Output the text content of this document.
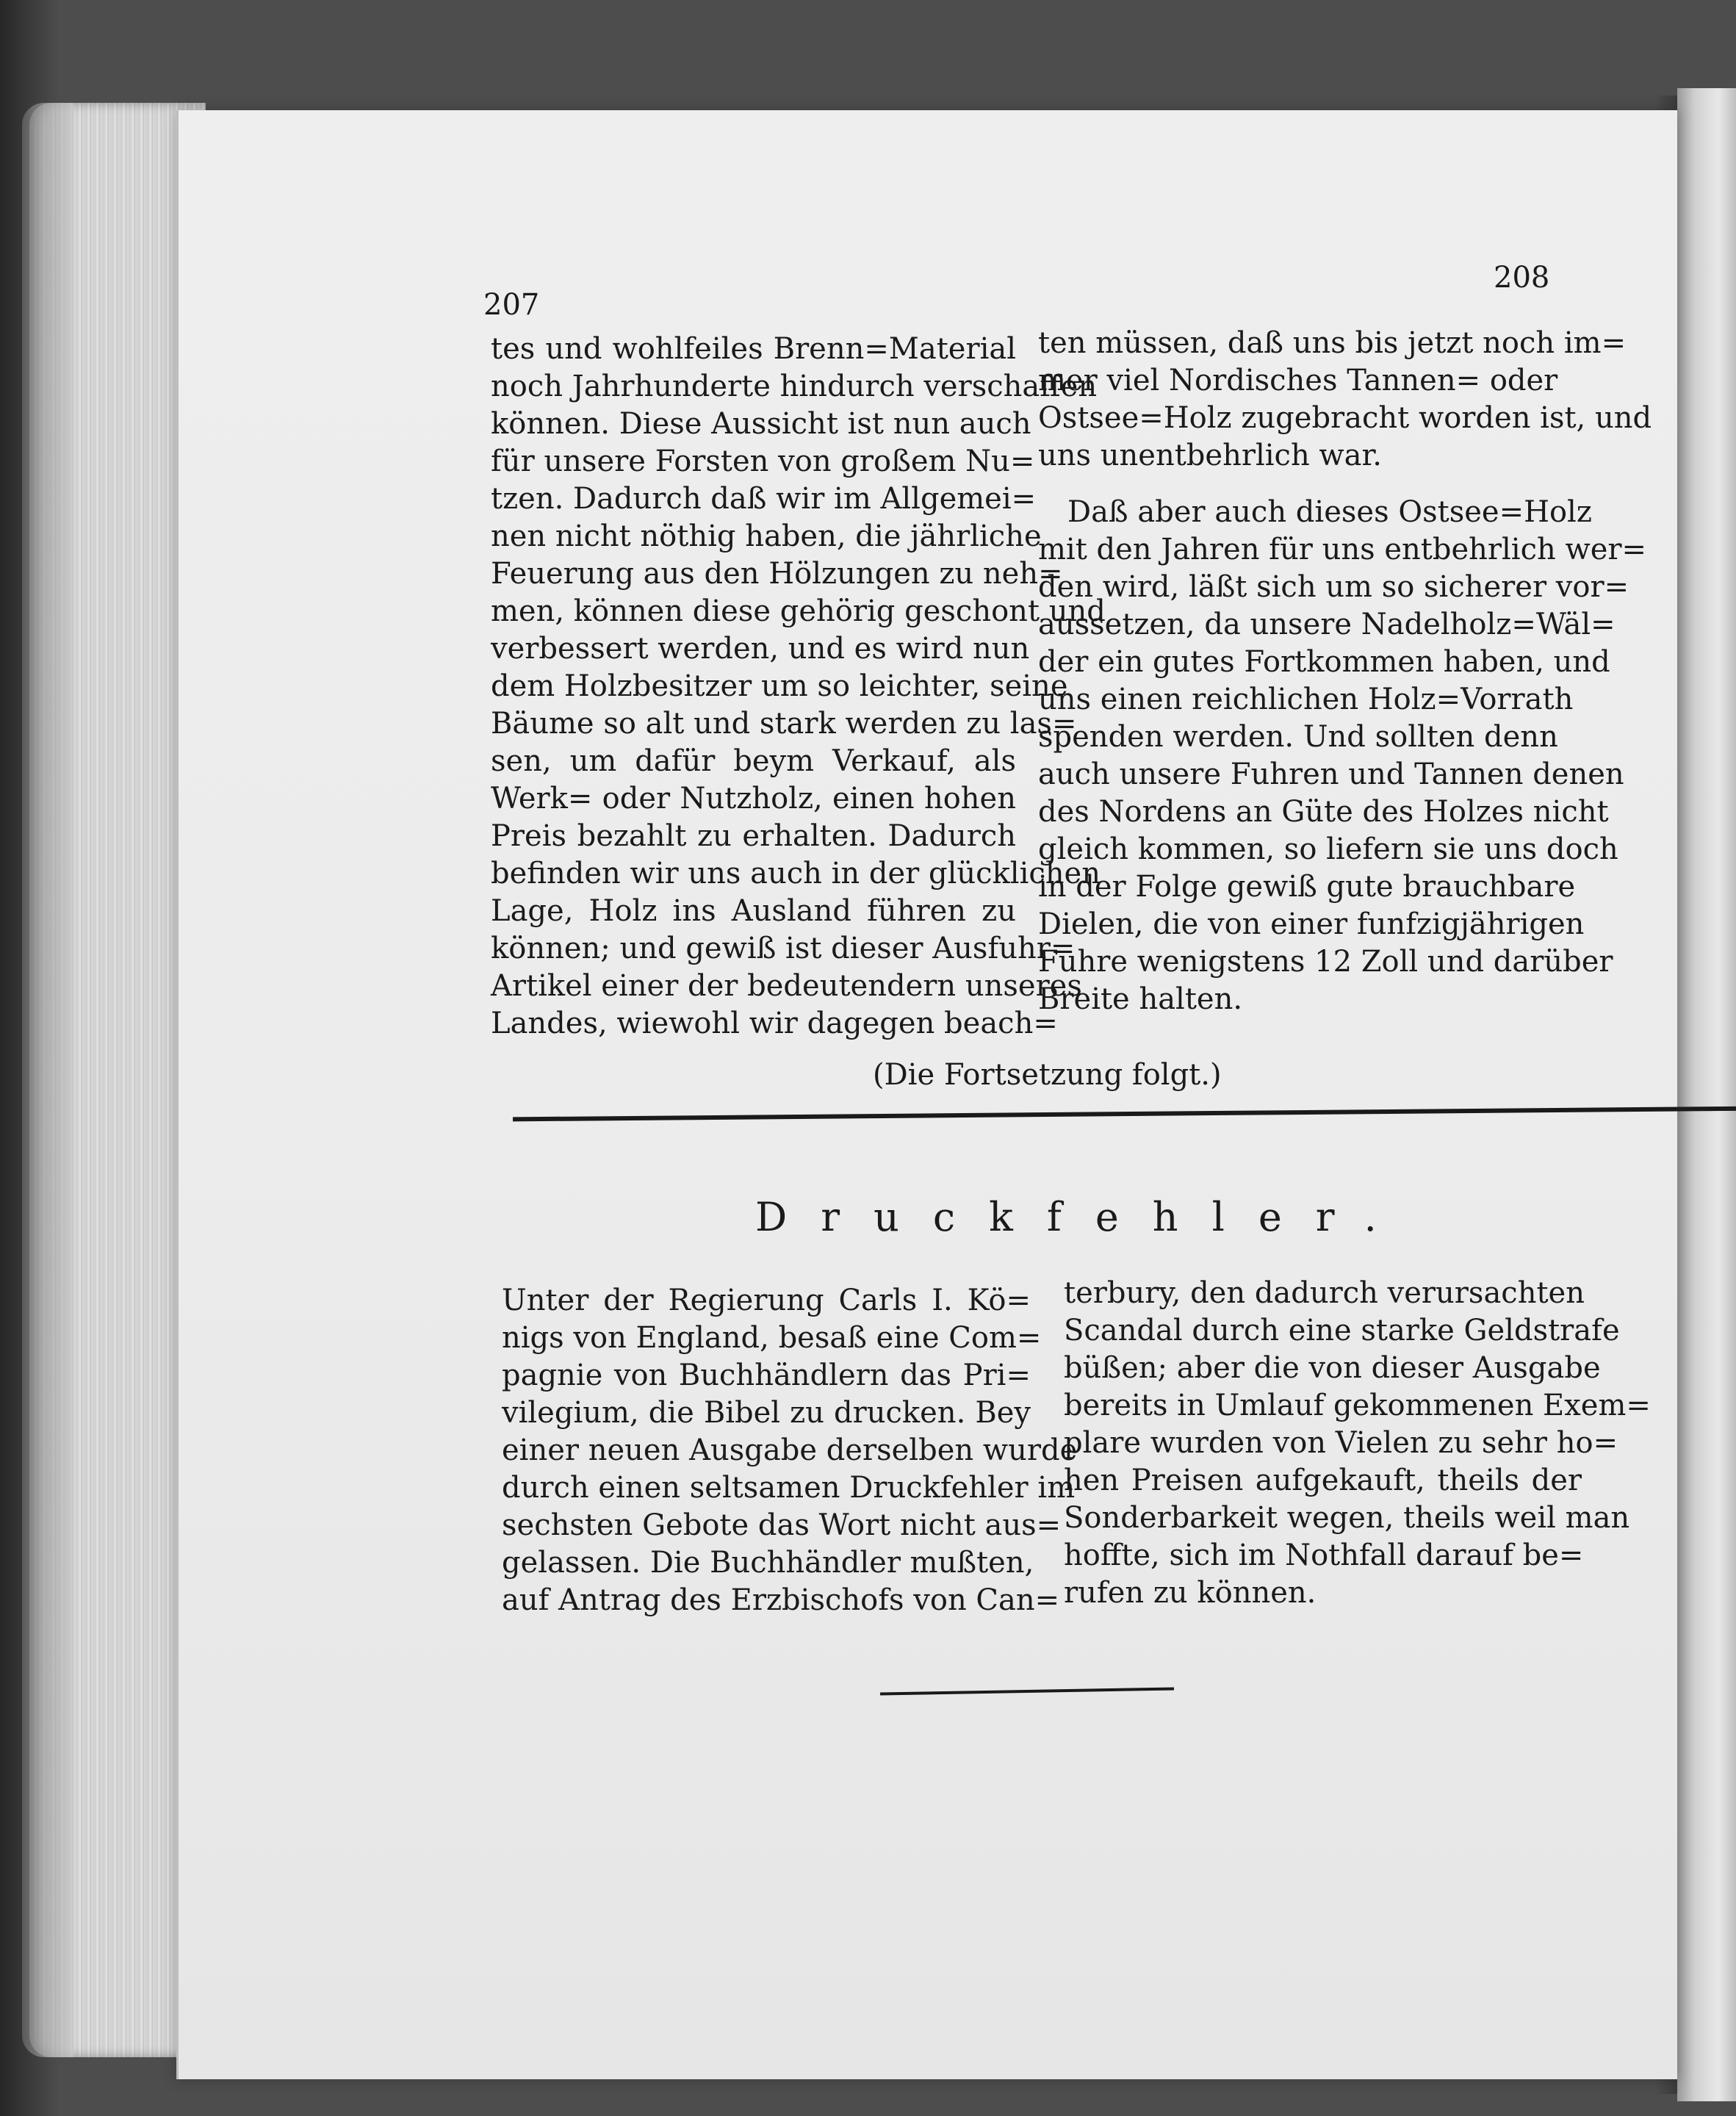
207
208
tes und wohlfeiles Brenn=Material
noch Jahrhunderte hindurch verschaffen
können. Diese Aussicht ist nun auch
für unsere Forsten von großem Nu=
tzen. Dadurch daß wir im Allgemei=
nen nicht nöthig haben, die jährliche
Feuerung aus den Hölzungen zu neh=
men, können diese gehörig geschont und
verbessert werden, und es wird nun
dem Holzbesitzer um so leichter, seine
Bäume so alt und stark werden zu las=
sen, um dafür beym Verkauf, als
Werk= oder Nutzholz, einen hohen
Preis bezahlt zu erhalten. Dadurch
befinden wir uns auch in der glücklichen
Lage, Holz ins Ausland führen zu
können; und gewiß ist dieser Ausfuhr=
Artikel einer der bedeutendern unseres
Landes, wiewohl wir dagegen beach=
ten müssen, daß uns bis jetzt noch im=
mer viel Nordisches Tannen= oder
Ostsee=Holz zugebracht worden ist, und
uns unentbehrlich war.
Daß aber auch dieses Ostsee=Holz
mit den Jahren für uns entbehrlich wer=
den wird, läßt sich um so sicherer vor=
aussetzen, da unsere Nadelholz=Wäl=
der ein gutes Fortkommen haben, und
uns einen reichlichen Holz=Vorrath
spenden werden. Und sollten denn
auch unsere Fuhren und Tannen denen
des Nordens an Güte des Holzes nicht
gleich kommen, so liefern sie uns doch
in der Folge gewiß gute brauchbare
Dielen, die von einer funfzigjährigen
Fuhre wenigstens 12 Zoll und darüber
Breite halten.
(Die Fortsetzung folgt.)
Druckfehler.
Unter der Regierung Carls I. Kö=
nigs von England, besaß eine Com=
pagnie von Buchhändlern das Pri=
vilegium, die Bibel zu drucken. Bey
einer neuen Ausgabe derselben wurde
durch einen seltsamen Druckfehler im
sechsten Gebote das Wort nicht aus=
gelassen. Die Buchhändler mußten,
auf Antrag des Erzbischofs von Can=
terbury, den dadurch verursachten
Scandal durch eine starke Geldstrafe
büßen; aber die von dieser Ausgabe
bereits in Umlauf gekommenen Exem=
plare wurden von Vielen zu sehr ho=
hen Preisen aufgekauft, theils der
Sonderbarkeit wegen, theils weil man
hoffte, sich im Nothfall darauf be=
rufen zu können.
